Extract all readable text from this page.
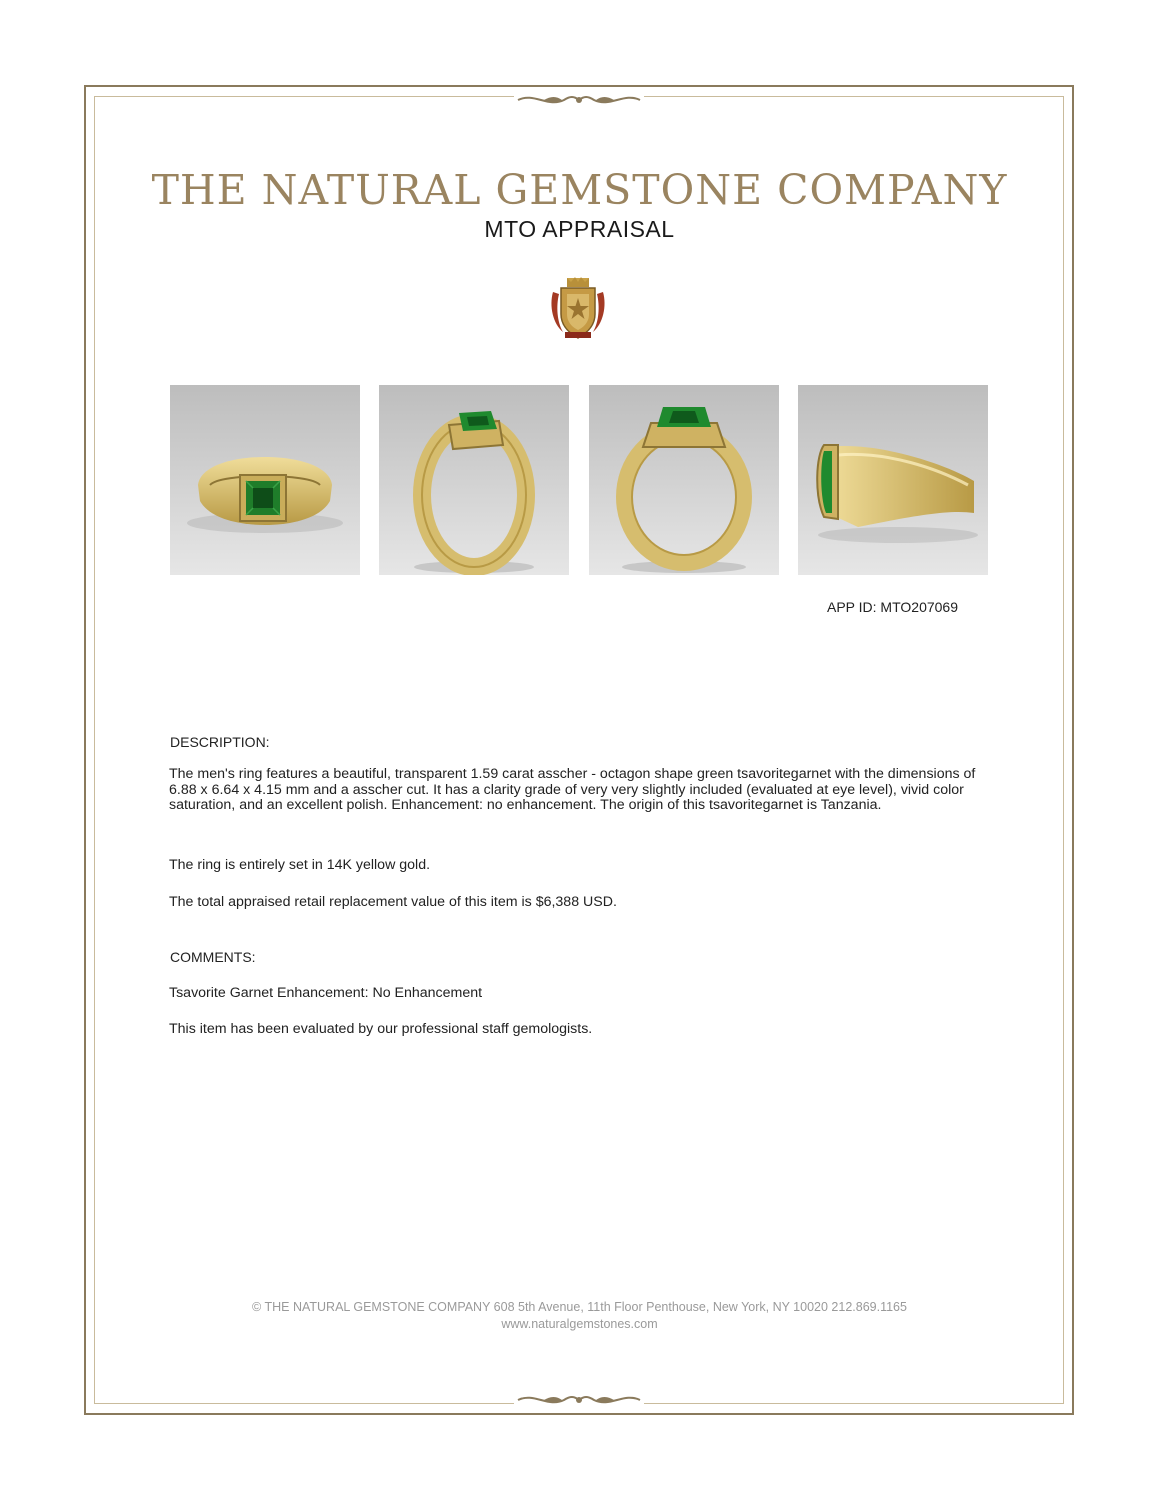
THE NATURAL GEMSTONE COMPANY
MTO APPRAISAL
APP ID: MTO207069
DESCRIPTION:

The men's ring features a beautiful, transparent 1.59 carat asscher - octagon shape green tsavoritegarnet with the dimensions of 6.88 x 6.64 x 4.15 mm and a asscher cut. It has a clarity grade of very very slightly included (evaluated at eye level), vivid color saturation, and an excellent polish. Enhancement: no enhancement. The origin of this tsavoritegarnet is Tanzania.

The ring is entirely set in 14K yellow gold.

The total appraised retail replacement value of this item is $6,388 USD.

COMMENTS:

Tsavorite Garnet Enhancement: No Enhancement

This item has been evaluated by our professional staff gemologists.

© THE NATURAL GEMSTONE COMPANY 608 5th Avenue, 11th Floor Penthouse, New York, NY 10020 212.869.1165
www.naturalgemstones.com
